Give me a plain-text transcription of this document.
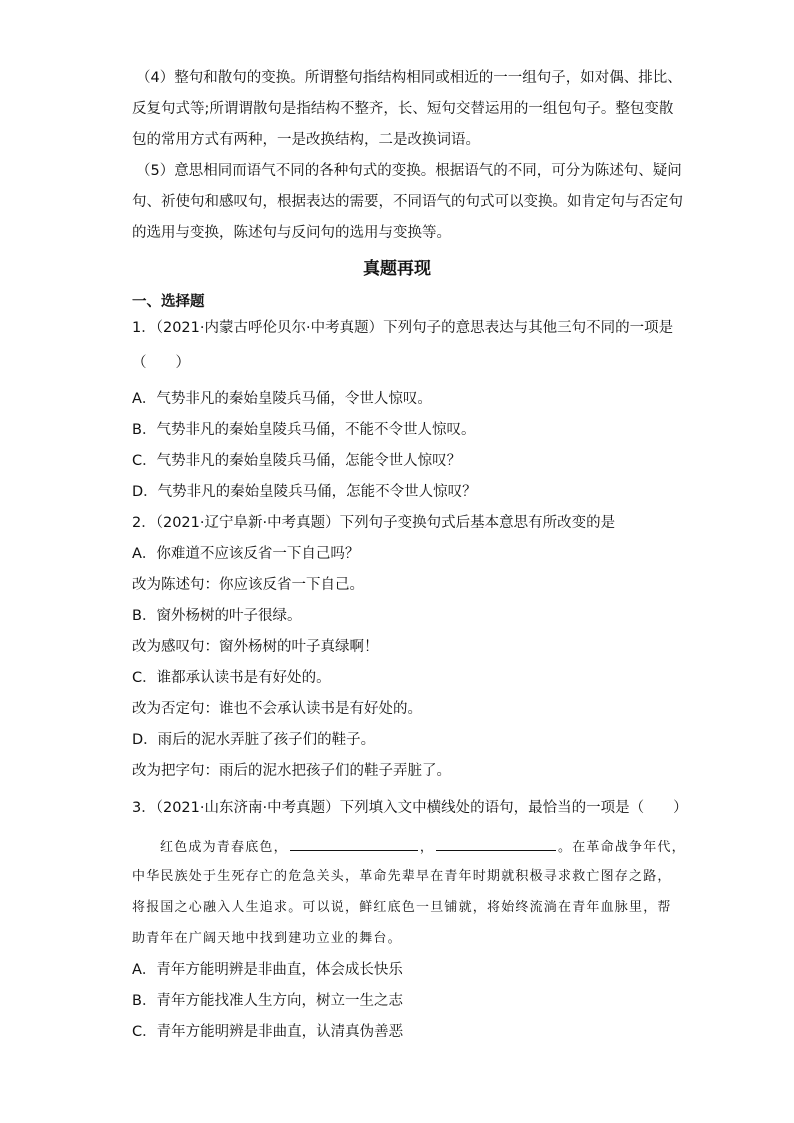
（4）整句和散句的变换。所谓整句指结构相同或相近的一一组句子，如对偶、排比、

反复句式等;所谓谓散句是指结构不整齐，长、短句交替运用的一组包句子。整包变散

包的常用方式有两种，一是改换结构，二是改换词语。

（5）意思相同而语气不同的各种句式的变换。根据语气的不同，可分为陈述句、疑问

句、祈使句和感叹句，根据表达的需要，不同语气的句式可以变换。如肯定句与否定句

的选用与变换，陈述句与反问句的选用与变换等。

真题再现

一、选择题

1．（2021·内蒙古呼伦贝尔·中考真题）下列句子的意思表达与其他三句不同的一项是

（　　）

A．气势非凡的秦始皇陵兵马俑，令世人惊叹。

B．气势非凡的秦始皇陵兵马俑，不能不令世人惊叹。

C．气势非凡的秦始皇陵兵马俑，怎能令世人惊叹？

D．气势非凡的秦始皇陵兵马俑，怎能不令世人惊叹？

2．（2021·辽宁阜新·中考真题）下列句子变换句式后基本意思有所改变的是

A．你难道不应该反省一下自己吗？

改为陈述句：你应该反省一下自己。

B．窗外杨树的叶子很绿。

改为感叹句：窗外杨树的叶子真绿啊！

C．谁都承认读书是有好处的。

改为否定句：谁也不会承认读书是有好处的。

D．雨后的泥水弄脏了孩子们的鞋子。

改为把字句：雨后的泥水把孩子们的鞋子弄脏了。

3．（2021·山东济南·中考真题）下列填入文中横线处的语句，最恰当的一项是（　　）

红色成为青春底色，	，	。在革命战争年代，

中华民族处于生死存亡的危急关头，革命先辈早在青年时期就积极寻求救亡图存之路，

将报国之心融入人生追求。可以说，鲜红底色一旦铺就，将始终流淌在青年血脉里，帮

助青年在广阔天地中找到建功立业的舞台。

A．青年方能明辨是非曲直，体会成长快乐

B．青年方能找准人生方向，树立一生之志

C．青年方能明辨是非曲直，认清真伪善恶
